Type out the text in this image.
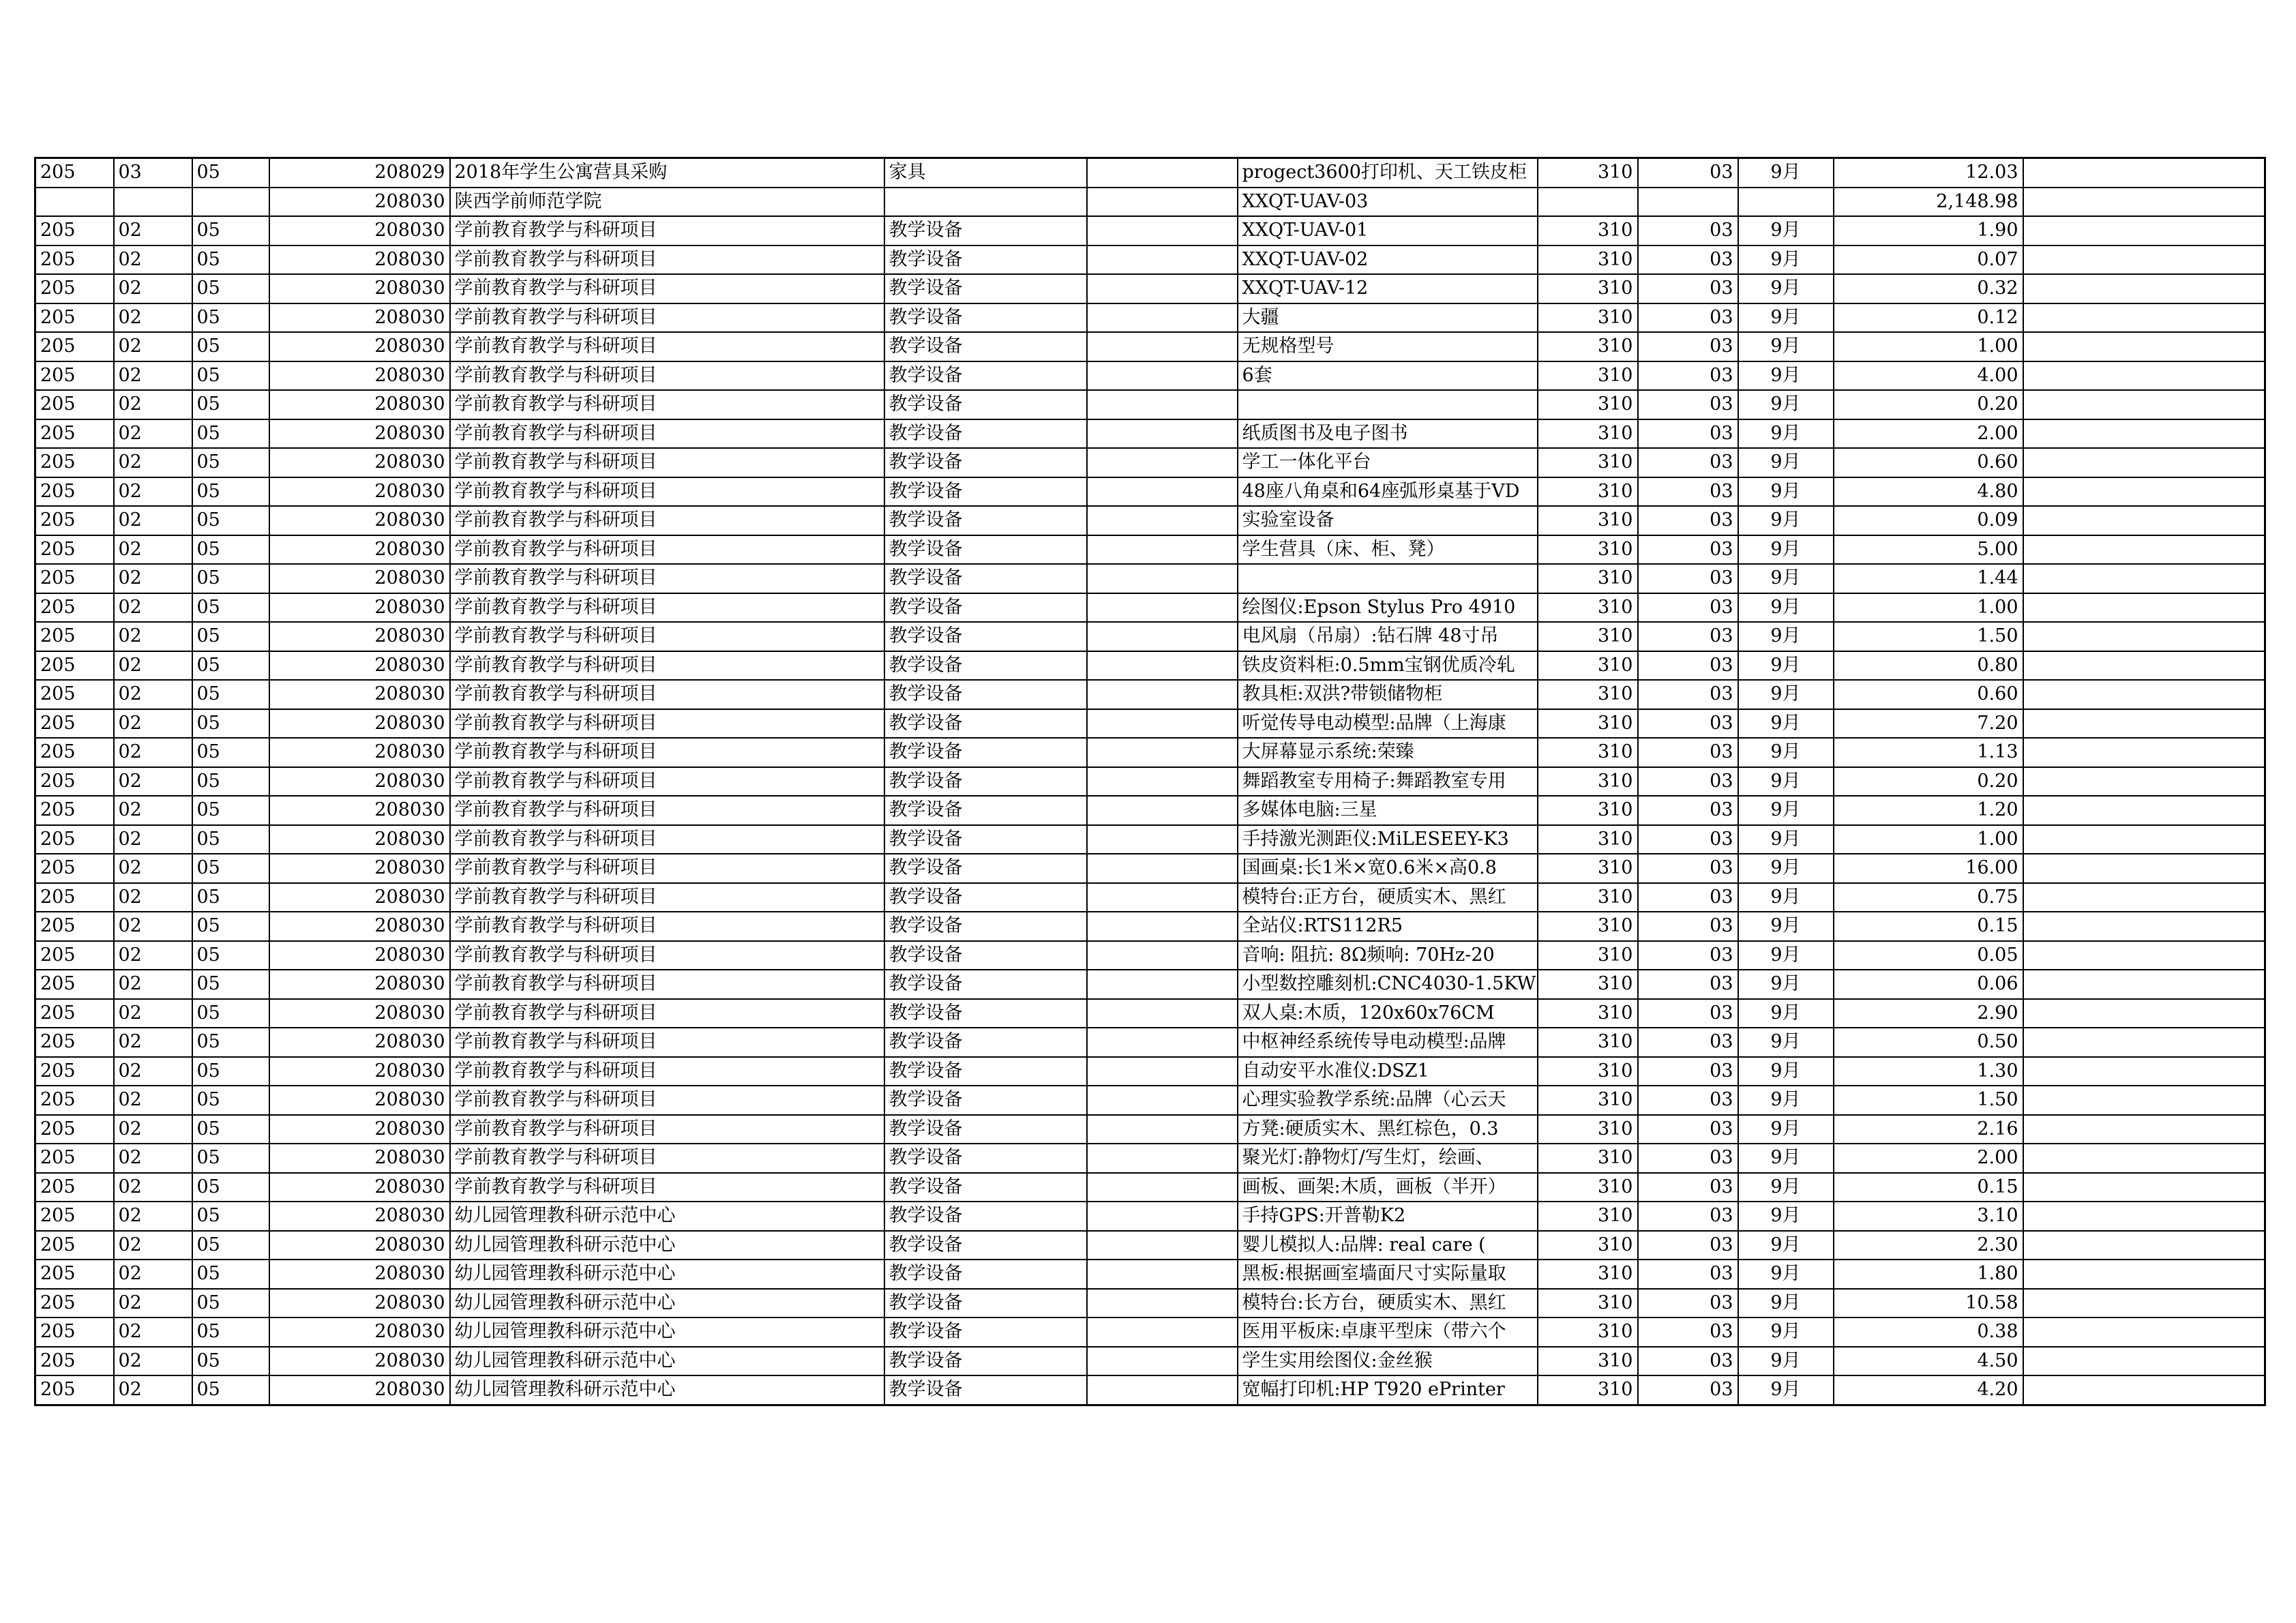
205	03	05	208029	2018年学生公寓营具采购	家具		progect3600打印机、天工铁皮柜	310	03	9月	12.03	
			208030	陕西学前师范学院			XXQT-UAV-03				2,148.98	
205	02	05	208030	学前教育教学与科研项目	教学设备		XXQT-UAV-01	310	03	9月	1.90	
205	02	05	208030	学前教育教学与科研项目	教学设备		XXQT-UAV-02	310	03	9月	0.07	
205	02	05	208030	学前教育教学与科研项目	教学设备		XXQT-UAV-12	310	03	9月	0.32	
205	02	05	208030	学前教育教学与科研项目	教学设备		大疆	310	03	9月	0.12	
205	02	05	208030	学前教育教学与科研项目	教学设备		无规格型号	310	03	9月	1.00	
205	02	05	208030	学前教育教学与科研项目	教学设备		6套	310	03	9月	4.00	
205	02	05	208030	学前教育教学与科研项目	教学设备			310	03	9月	0.20	
205	02	05	208030	学前教育教学与科研项目	教学设备		纸质图书及电子图书	310	03	9月	2.00	
205	02	05	208030	学前教育教学与科研项目	教学设备		学工一体化平台	310	03	9月	0.60	
205	02	05	208030	学前教育教学与科研项目	教学设备		48座八角桌和64座弧形桌基于VD	310	03	9月	4.80	
205	02	05	208030	学前教育教学与科研项目	教学设备		实验室设备	310	03	9月	0.09	
205	02	05	208030	学前教育教学与科研项目	教学设备		学生营具（床、柜、凳）	310	03	9月	5.00	
205	02	05	208030	学前教育教学与科研项目	教学设备			310	03	9月	1.44	
205	02	05	208030	学前教育教学与科研项目	教学设备		绘图仪:Epson Stylus Pro 4910	310	03	9月	1.00	
205	02	05	208030	学前教育教学与科研项目	教学设备		电风扇（吊扇）:钻石牌 48寸吊	310	03	9月	1.50	
205	02	05	208030	学前教育教学与科研项目	教学设备		铁皮资料柜:0.5mm宝钢优质冷轧	310	03	9月	0.80	
205	02	05	208030	学前教育教学与科研项目	教学设备		教具柜:双洪?带锁储物柜	310	03	9月	0.60	
205	02	05	208030	学前教育教学与科研项目	教学设备		听觉传导电动模型:品牌（上海康	310	03	9月	7.20	
205	02	05	208030	学前教育教学与科研项目	教学设备		大屏幕显示系统:荣臻	310	03	9月	1.13	
205	02	05	208030	学前教育教学与科研项目	教学设备		舞蹈教室专用椅子:舞蹈教室专用	310	03	9月	0.20	
205	02	05	208030	学前教育教学与科研项目	教学设备		多媒体电脑:三星	310	03	9月	1.20	
205	02	05	208030	学前教育教学与科研项目	教学设备		手持激光测距仪:MiLESEEY-K3	310	03	9月	1.00	
205	02	05	208030	学前教育教学与科研项目	教学设备		国画桌:长1米×宽0.6米×高0.8	310	03	9月	16.00	
205	02	05	208030	学前教育教学与科研项目	教学设备		模特台:正方台，硬质实木、黑红	310	03	9月	0.75	
205	02	05	208030	学前教育教学与科研项目	教学设备		全站仪:RTS112R5	310	03	9月	0.15	
205	02	05	208030	学前教育教学与科研项目	教学设备		音响: 阻抗: 8Ω频响: 70Hz-20	310	03	9月	0.05	
205	02	05	208030	学前教育教学与科研项目	教学设备		小型数控雕刻机:CNC4030-1.5KW	310	03	9月	0.06	
205	02	05	208030	学前教育教学与科研项目	教学设备		双人桌:木质，120x60x76CM	310	03	9月	2.90	
205	02	05	208030	学前教育教学与科研项目	教学设备		中枢神经系统传导电动模型:品牌	310	03	9月	0.50	
205	02	05	208030	学前教育教学与科研项目	教学设备		自动安平水准仪:DSZ1	310	03	9月	1.30	
205	02	05	208030	学前教育教学与科研项目	教学设备		心理实验教学系统:品牌（心云天	310	03	9月	1.50	
205	02	05	208030	学前教育教学与科研项目	教学设备		方凳:硬质实木、黑红棕色，0.3	310	03	9月	2.16	
205	02	05	208030	学前教育教学与科研项目	教学设备		聚光灯:静物灯/写生灯，绘画、	310	03	9月	2.00	
205	02	05	208030	学前教育教学与科研项目	教学设备		画板、画架:木质，画板（半开）	310	03	9月	0.15	
205	02	05	208030	幼儿园管理教科研示范中心	教学设备		手持GPS:开普勒K2	310	03	9月	3.10	
205	02	05	208030	幼儿园管理教科研示范中心	教学设备		婴儿模拟人:品牌: real care (	310	03	9月	2.30	
205	02	05	208030	幼儿园管理教科研示范中心	教学设备		黑板:根据画室墙面尺寸实际量取	310	03	9月	1.80	
205	02	05	208030	幼儿园管理教科研示范中心	教学设备		模特台:长方台，硬质实木、黑红	310	03	9月	10.58	
205	02	05	208030	幼儿园管理教科研示范中心	教学设备		医用平板床:卓康平型床（带六个	310	03	9月	0.38	
205	02	05	208030	幼儿园管理教科研示范中心	教学设备		学生实用绘图仪:金丝猴	310	03	9月	4.50	
205	02	05	208030	幼儿园管理教科研示范中心	教学设备		宽幅打印机:HP T920 ePrinter	310	03	9月	4.20	
